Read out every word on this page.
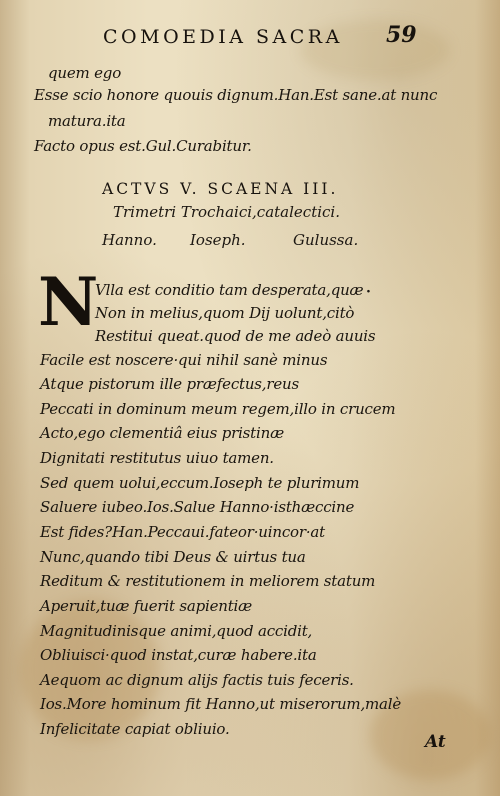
COMOEDIA SACRA 59
quem ego
Esse scio honore quouis dignum.Han.Est sane.at nunc
matura.ita
Facto opus est.Gul.Curabitur.
ACTVS V. SCAENA III.
Trimetri Trochaici,catalectici.
Hanno. Ioseph.	Gulussa.
N	·
Vlla est conditio tam desperata,quæ
Non in melius,quom Dij uolunt,citò
Restitui queat.quod de me adeò auuis
Facile est noscere·qui nihil sanè minus
Atque pistorum ille præfectus,reus
Peccati in dominum meum regem,illo in crucem
Acto,ego clementiâ eius pristinæ
Dignitati restitutus uiuo tamen.
Sed quem uolui,eccum.Ioseph te plurimum
Saluere iubeo.Ios.Salue Hanno·isthæccine
Est fides?Han.Peccaui.fateor·uincor·at
Nunc,quando tibi Deus & uirtus tua
Reditum & restitutionem in meliorem statum
Aperuit,tuæ fuerit sapientiæ
Magnitudinisque animi,quod accidit,
Obliuisci·quod instat,curæ habere.ita
Aequom ac dignum alijs factis tuis feceris.
Ios.More hominum fit Hanno,ut miserorum,malè
Infelicitate capiat obliuio.
At
